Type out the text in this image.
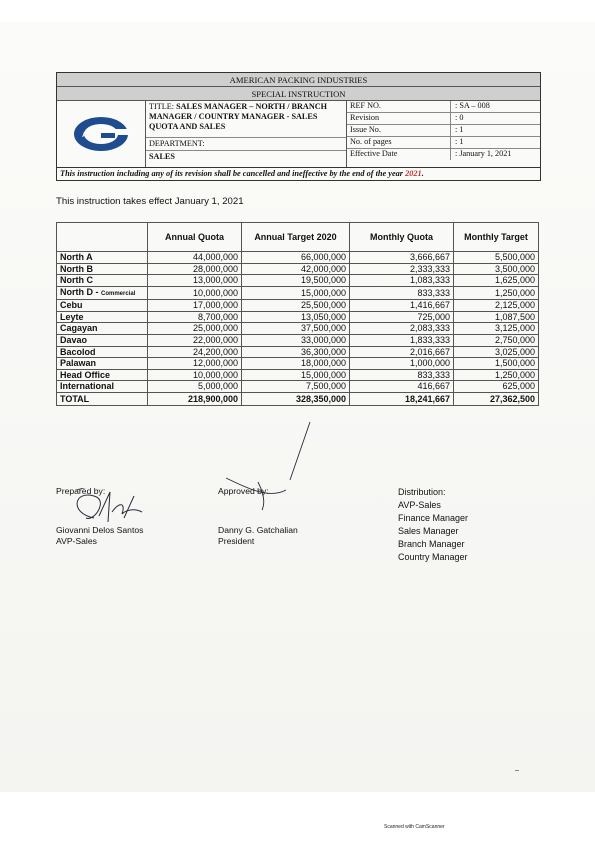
AMERICAN PACKING INDUSTRIES
SPECIAL INSTRUCTION
API
TITLE: SALES MANAGER – NORTH / BRANCH MANAGER / COUNTRY MANAGER - SALES QUOTA AND SALES
DEPARTMENT:
SALES
REF NO.	: SA – 008
Revision	: 0
Issue No.	: 1
No. of pages	: 1
Effective Date	: January 1, 2021
This instruction including any of its revision shall be cancelled and ineffective by the end of the year 2021.
This instruction takes effect January 1, 2021
	Annual Quota	Annual Target 2020	Monthly Quota	Monthly Target
North A	44,000,000	66,000,000	3,666,667	5,500,000
North B	28,000,000	42,000,000	2,333,333	3,500,000
North C	13,000,000	19,500,000	1,083,333	1,625,000
North D - Commercial	10,000,000	15,000,000	833,333	1,250,000
Cebu	17,000,000	25,500,000	1,416,667	2,125,000
Leyte	8,700,000	13,050,000	725,000	1,087,500
Cagayan	25,000,000	37,500,000	2,083,333	3,125,000
Davao	22,000,000	33,000,000	1,833,333	2,750,000
Bacolod	24,200,000	36,300,000	2,016,667	3,025,000
Palawan	12,000,000	18,000,000	1,000,000	1,500,000
Head Office	10,000,000	15,000,000	833,333	1,250,000
International	5,000,000	7,500,000	416,667	625,000
TOTAL	218,900,000	328,350,000	18,241,667	27,362,500
Prepared by:
Giovanni Delos Santos
AVP-Sales
Approved by:
Danny G. Gatchalian
President
Distribution:
AVP-Sales
Finance Manager
Sales Manager
Branch Manager
Country Manager
Scanned with CamScanner
